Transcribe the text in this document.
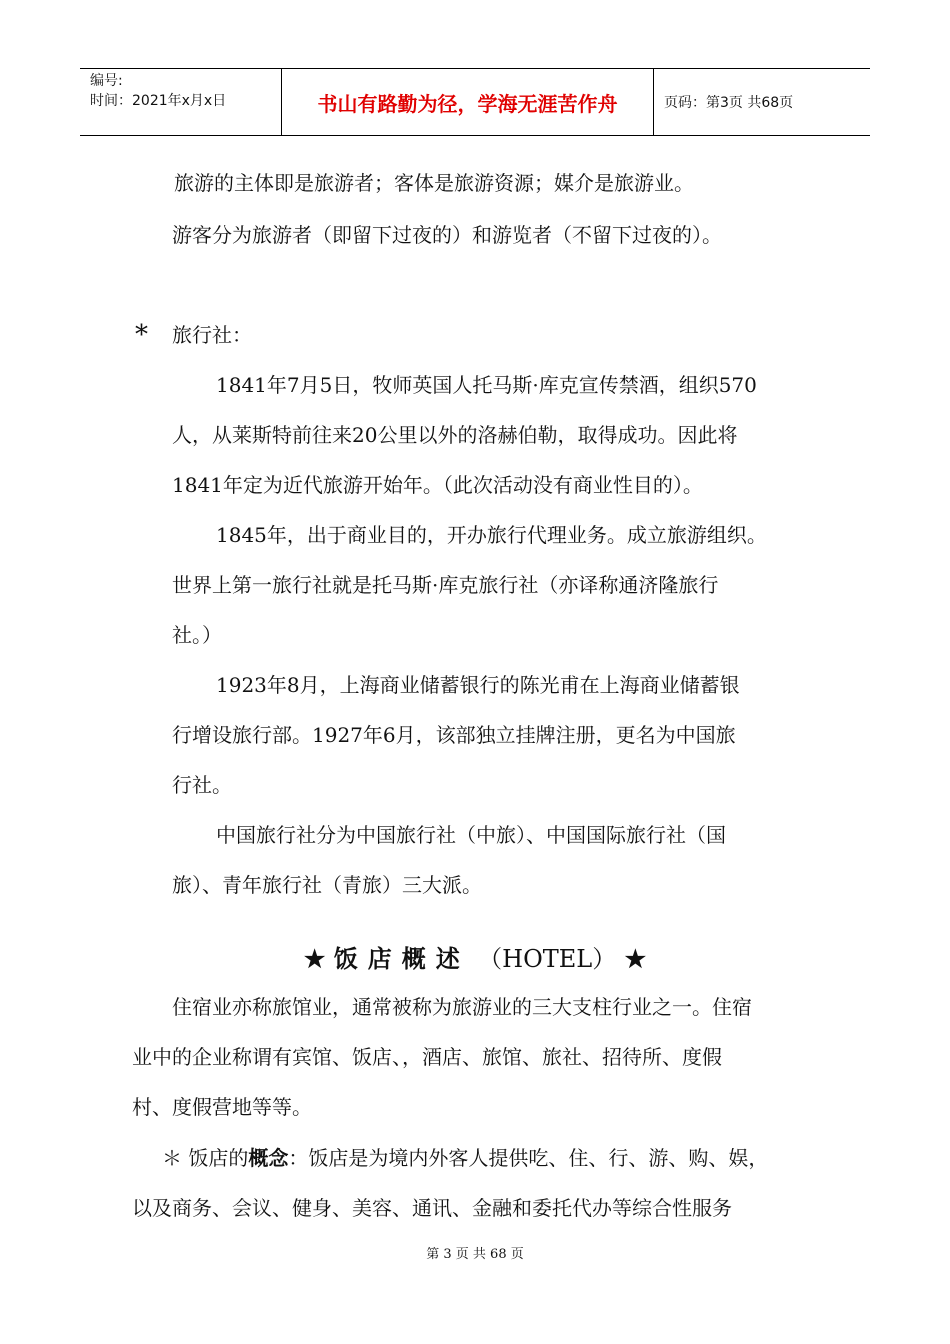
编号:
时间：2021年x月x日	书山有路勤为径，学海无涯苦作舟	页码：第3页 共68页
旅游的主体即是旅游者；客体是旅游资源；媒介是旅游业。
游客分为旅游者（即留下过夜的）和游览者（不留下过夜的）。
* 旅行社：
1841年7月5日，牧师英国人托马斯·库克宣传禁酒，组织570
人，从莱斯特前往来20公里以外的洛赫伯勒，取得成功。因此将
1841年定为近代旅游开始年。（此次活动没有商业性目的）。
1845年，出于商业目的，开办旅行代理业务。成立旅游组织。
世界上第一旅行社就是托马斯·库克旅行社（亦译称通济隆旅行
社。）
1923年8月，上海商业储蓄银行的陈光甫在上海商业储蓄银
行增设旅行部。1927年6月，该部独立挂牌注册，更名为中国旅
行社。
中国旅行社分为中国旅行社（中旅）、中国国际旅行社（国
旅）、青年旅行社（青旅）三大派。
★ 饭店概述 （HOTEL） ★
住宿业亦称旅馆业，通常被称为旅游业的三大支柱行业之一。住宿
业中的企业称谓有宾馆、饭店、，酒店、旅馆、旅社、招待所、度假
村、度假营地等等。
＊ 饭店的概念：饭店是为境内外客人提供吃、住、行、游、购、娱，
以及商务、会议、健身、美容、通讯、金融和委托代办等综合性服务
第 3 页 共 68 页
